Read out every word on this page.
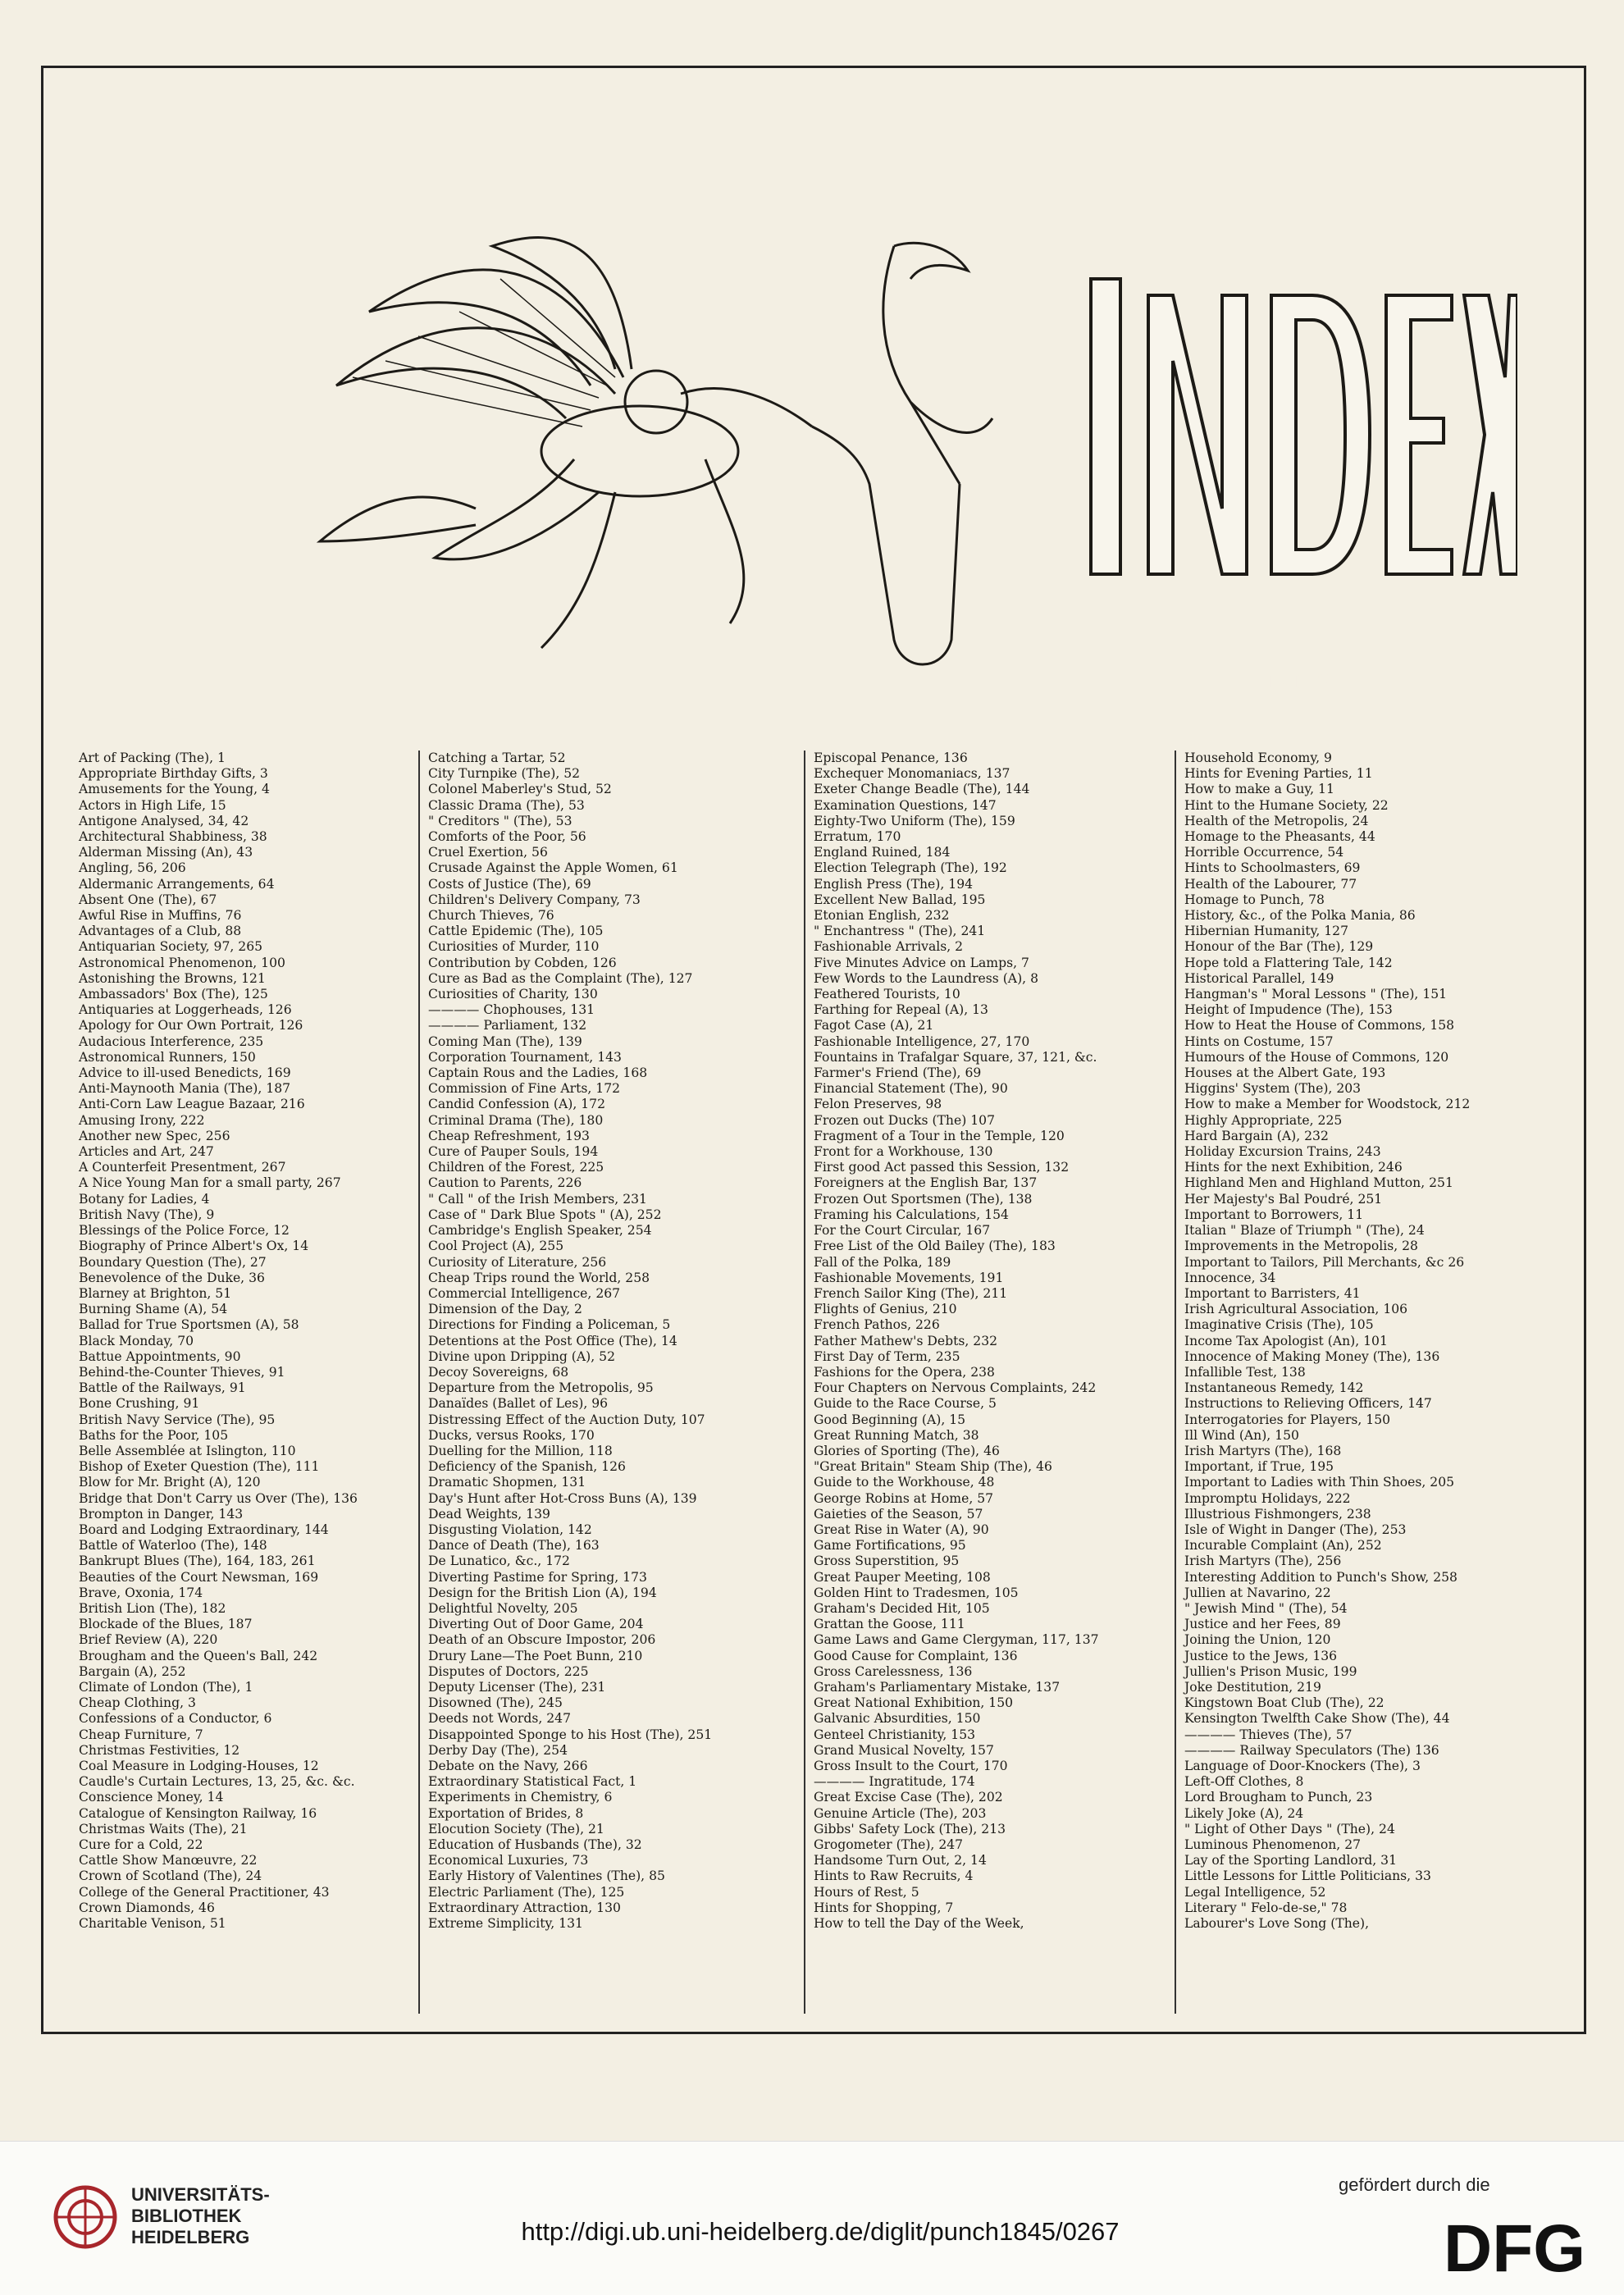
INDEX.
Art of Packing (The), 1
Appropriate Birthday Gifts, 3
Amusements for the Young, 4
Actors in High Life, 15
Antigone Analysed, 34, 42
Architectural Shabbiness, 38
Alderman Missing (An), 43
Angling, 56, 206
Aldermanic Arrangements, 64
Absent One (The), 67
Awful Rise in Muffins, 76
Advantages of a Club, 88
Antiquarian Society, 97, 265
Astronomical Phenomenon, 100
Astonishing the Browns, 121
Ambassadors' Box (The), 125
Antiquaries at Loggerheads, 126
Apology for Our Own Portrait, 126
Audacious Interference, 235
Astronomical Runners, 150
Advice to ill-used Benedicts, 169
Anti-Maynooth Mania (The), 187
Anti-Corn Law League Bazaar, 216
Amusing Irony, 222
Another new Spec, 256
Articles and Art, 247
A Counterfeit Presentment, 267
A Nice Young Man for a small party, 267
Botany for Ladies, 4
British Navy (The), 9
Blessings of the Police Force, 12
Biography of Prince Albert's Ox, 14
Boundary Question (The), 27
Benevolence of the Duke, 36
Blarney at Brighton, 51
Burning Shame (A), 54
Ballad for True Sportsmen (A), 58
Black Monday, 70
Battue Appointments, 90
Behind-the-Counter Thieves, 91
Battle of the Railways, 91
Bone Crushing, 91
British Navy Service (The), 95
Baths for the Poor, 105
Belle Assemblée at Islington, 110
Bishop of Exeter Question (The), 111
Blow for Mr. Bright (A), 120
Bridge that Don't Carry us Over (The), 136
Brompton in Danger, 143
Board and Lodging Extraordinary, 144
Battle of Waterloo (The), 148
Bankrupt Blues (The), 164, 183, 261
Beauties of the Court Newsman, 169
Brave, Oxonia, 174
British Lion (The), 182
Blockade of the Blues, 187
Brief Review (A), 220
Brougham and the Queen's Ball, 242
Bargain (A), 252
Climate of London (The), 1
Cheap Clothing, 3
Confessions of a Conductor, 6
Cheap Furniture, 7
Christmas Festivities, 12
Coal Measure in Lodging-Houses, 12
Caudle's Curtain Lectures, 13, 25, &c. &c.
Conscience Money, 14
Catalogue of Kensington Railway, 16
Christmas Waits (The), 21
Cure for a Cold, 22
Cattle Show Manœuvre, 22
Crown of Scotland (The), 24
College of the General Practitioner, 43
Crown Diamonds, 46
Charitable Venison, 51
Catching a Tartar, 52
City Turnpike (The), 52
Colonel Maberley's Stud, 52
Classic Drama (The), 53
" Creditors " (The), 53
Comforts of the Poor, 56
Cruel Exertion, 56
Crusade Against the Apple Women, 61
Costs of Justice (The), 69
Children's Delivery Company, 73
Church Thieves, 76
Cattle Epidemic (The), 105
Curiosities of Murder, 110
Contribution by Cobden, 126
Cure as Bad as the Complaint (The), 127
Curiosities of Charity, 130
———— Chophouses, 131
———— Parliament, 132
Coming Man (The), 139
Corporation Tournament, 143
Captain Rous and the Ladies, 168
Commission of Fine Arts, 172
Candid Confession (A), 172
Criminal Drama (The), 180
Cheap Refreshment, 193
Cure of Pauper Souls, 194
Children of the Forest, 225
Caution to Parents, 226
" Call " of the Irish Members, 231
Case of " Dark Blue Spots " (A), 252
Cambridge's English Speaker, 254
Cool Project (A), 255
Curiosity of Literature, 256
Cheap Trips round the World, 258
Commercial Intelligence, 267
Dimension of the Day, 2
Directions for Finding a Policeman, 5
Detentions at the Post Office (The), 14
Divine upon Dripping (A), 52
Decoy Sovereigns, 68
Departure from the Metropolis, 95
Danaïdes (Ballet of Les), 96
Distressing Effect of the Auction Duty, 107
Ducks, versus Rooks, 170
Duelling for the Million, 118
Deficiency of the Spanish, 126
Dramatic Shopmen, 131
Day's Hunt after Hot-Cross Buns (A), 139
Dead Weights, 139
Disgusting Violation, 142
Dance of Death (The), 163
De Lunatico, &c., 172
Diverting Pastime for Spring, 173
Design for the British Lion (A), 194
Delightful Novelty, 205
Diverting Out of Door Game, 204
Death of an Obscure Impostor, 206
Drury Lane—The Poet Bunn, 210
Disputes of Doctors, 225
Deputy Licenser (The), 231
Disowned (The), 245
Deeds not Words, 247
Disappointed Sponge to his Host (The), 251
Derby Day (The), 254
Debate on the Navy, 266
Extraordinary Statistical Fact, 1
Experiments in Chemistry, 6
Exportation of Brides, 8
Elocution Society (The), 21
Education of Husbands (The), 32
Economical Luxuries, 73
Early History of Valentines (The), 85
Electric Parliament (The), 125
Extraordinary Attraction, 130
Extreme Simplicity, 131
Episcopal Penance, 136
Exchequer Monomaniacs, 137
Exeter Change Beadle (The), 144
Examination Questions, 147
Eighty-Two Uniform (The), 159
Erratum, 170
England Ruined, 184
Election Telegraph (The), 192
English Press (The), 194
Excellent New Ballad, 195
Etonian English, 232
" Enchantress " (The), 241
Fashionable Arrivals, 2
Five Minutes Advice on Lamps, 7
Few Words to the Laundress (A), 8
Feathered Tourists, 10
Farthing for Repeal (A), 13
Fagot Case (A), 21
Fashionable Intelligence, 27, 170
Fountains in Trafalgar Square, 37, 121, &c.
Farmer's Friend (The), 69
Financial Statement (The), 90
Felon Preserves, 98
Frozen out Ducks (The) 107
Fragment of a Tour in the Temple, 120
Front for a Workhouse, 130
First good Act passed this Session, 132
Foreigners at the English Bar, 137
Frozen Out Sportsmen (The), 138
Framing his Calculations, 154
For the Court Circular, 167
Free List of the Old Bailey (The), 183
Fall of the Polka, 189
Fashionable Movements, 191
French Sailor King (The), 211
Flights of Genius, 210
French Pathos, 226
Father Mathew's Debts, 232
First Day of Term, 235
Fashions for the Opera, 238
Four Chapters on Nervous Complaints, 242
Guide to the Race Course, 5
Good Beginning (A), 15
Great Running Match, 38
Glories of Sporting (The), 46
"Great Britain" Steam Ship (The), 46
Guide to the Workhouse, 48
George Robins at Home, 57
Gaieties of the Season, 57
Great Rise in Water (A), 90
Game Fortifications, 95
Gross Superstition, 95
Great Pauper Meeting, 108
Golden Hint to Tradesmen, 105
Graham's Decided Hit, 105
Grattan the Goose, 111
Game Laws and Game Clergyman, 117, 137
Good Cause for Complaint, 136
Gross Carelessness, 136
Graham's Parliamentary Mistake, 137
Great National Exhibition, 150
Galvanic Absurdities, 150
Genteel Christianity, 153
Grand Musical Novelty, 157
Gross Insult to the Court, 170
———— Ingratitude, 174
Great Excise Case (The), 202
Genuine Article (The), 203
Gibbs' Safety Lock (The), 213
Grogometer (The), 247
Handsome Turn Out, 2, 14
Hints to Raw Recruits, 4
Hours of Rest, 5
Hints for Shopping, 7
How to tell the Day of the Week,
Household Economy, 9
Hints for Evening Parties, 11
How to make a Guy, 11
Hint to the Humane Society, 22
Health of the Metropolis, 24
Homage to the Pheasants, 44
Horrible Occurrence, 54
Hints to Schoolmasters, 69
Health of the Labourer, 77
Homage to Punch, 78
History, &c., of the Polka Mania, 86
Hibernian Humanity, 127
Honour of the Bar (The), 129
Hope told a Flattering Tale, 142
Historical Parallel, 149
Hangman's " Moral Lessons " (The), 151
Height of Impudence (The), 153
How to Heat the House of Commons, 158
Hints on Costume, 157
Humours of the House of Commons, 120
Houses at the Albert Gate, 193
Higgins' System (The), 203
How to make a Member for Woodstock, 212
Highly Appropriate, 225
Hard Bargain (A), 232
Holiday Excursion Trains, 243
Hints for the next Exhibition, 246
Highland Men and Highland Mutton, 251
Her Majesty's Bal Poudré, 251
Important to Borrowers, 11
Italian " Blaze of Triumph " (The), 24
Improvements in the Metropolis, 28
Important to Tailors, Pill Merchants, &c 26
Innocence, 34
Important to Barristers, 41
Irish Agricultural Association, 106
Imaginative Crisis (The), 105
Income Tax Apologist (An), 101
Innocence of Making Money (The), 136
Infallible Test, 138
Instantaneous Remedy, 142
Instructions to Relieving Officers, 147
Interrogatories for Players, 150
Ill Wind (An), 150
Irish Martyrs (The), 168
Important, if True, 195
Important to Ladies with Thin Shoes, 205
Impromptu Holidays, 222
Illustrious Fishmongers, 238
Isle of Wight in Danger (The), 253
Incurable Complaint (An), 252
Irish Martyrs (The), 256
Interesting Addition to Punch's Show, 258
Jullien at Navarino, 22
" Jewish Mind " (The), 54
Justice and her Fees, 89
Joining the Union, 120
Justice to the Jews, 136
Jullien's Prison Music, 199
Joke Destitution, 219
Kingstown Boat Club (The), 22
Kensington Twelfth Cake Show (The), 44
———— Thieves (The), 57
———— Railway Speculators (The) 136
Language of Door-Knockers (The), 3
Left-Off Clothes, 8
Lord Brougham to Punch, 23
Likely Joke (A), 24
" Light of Other Days " (The), 24
Luminous Phenomenon, 27
Lay of the Sporting Landlord, 31
Little Lessons for Little Politicians, 33
Legal Intelligence, 52
Literary " Felo-de-se," 78
Labourer's Love Song (The),
UNIVERSITÄTS-
BIBLIOTHEK
HEIDELBERG	http://digi.ub.uni-heidelberg.de/diglit/punch1845/0267
gefördert durch die
DFG
